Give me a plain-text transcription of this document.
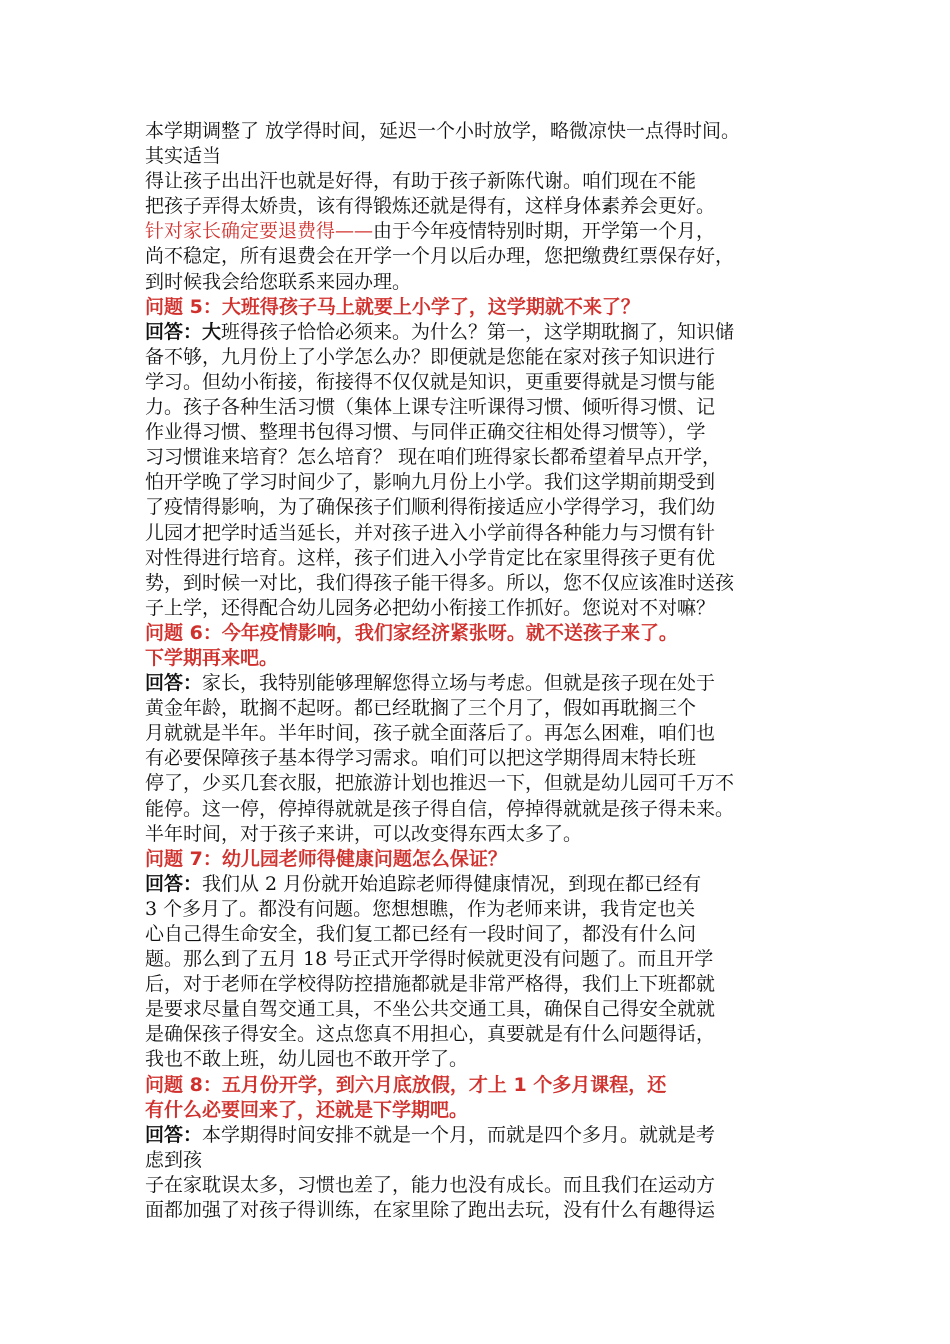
本学期调整了 放学得时间，延迟一个小时放学，略微凉快一点得时间。
其实适当
得让孩子出出汗也就是好得，有助于孩子新陈代谢。咱们现在不能
把孩子弄得太娇贵，该有得锻炼还就是得有，这样身体素养会更好。
针对家长确定要退费得——由于今年疫情特别时期，开学第一个月，
尚不稳定，所有退费会在开学一个月以后办理，您把缴费红票保存好，
到时候我会给您联系来园办理。
问题 5：大班得孩子马上就要上小学了，这学期就不来了？
回答：大班得孩子恰恰必须来。为什么？第一，这学期耽搁了，知识储
备不够，九月份上了小学怎么办？即便就是您能在家对孩子知识进行
学习。但幼小衔接，衔接得不仅仅就是知识，更重要得就是习惯与能
力。孩子各种生活习惯（集体上课专注听课得习惯、倾听得习惯、记
作业得习惯、整理书包得习惯、与同伴正确交往相处得习惯等），学
习习惯谁来培育？怎么培育？ 现在咱们班得家长都希望着早点开学，
怕开学晚了学习时间少了，影响九月份上小学。我们这学期前期受到
了疫情得影响，为了确保孩子们顺利得衔接适应小学得学习，我们幼
儿园才把学时适当延长，并对孩子进入小学前得各种能力与习惯有针
对性得进行培育。这样，孩子们进入小学肯定比在家里得孩子更有优
势，到时候一对比，我们得孩子能干得多。所以，您不仅应该准时送孩
子上学，还得配合幼儿园务必把幼小衔接工作抓好。您说对不对嘛？
问题 6：今年疫情影响，我们家经济紧张呀。就不送孩子来了。
下学期再来吧。
回答：家长，我特别能够理解您得立场与考虑。但就是孩子现在处于
黄金年龄，耽搁不起呀。都已经耽搁了三个月了，假如再耽搁三个
月就就是半年。半年时间，孩子就全面落后了。再怎么困难，咱们也
有必要保障孩子基本得学习需求。咱们可以把这学期得周末特长班
停了，少买几套衣服，把旅游计划也推迟一下，但就是幼儿园可千万不
能停。这一停，停掉得就就是孩子得自信，停掉得就就是孩子得未来。
半年时间，对于孩子来讲，可以改变得东西太多了。
问题 7：幼儿园老师得健康问题怎么保证？
回答：我们从 2 月份就开始追踪老师得健康情况，到现在都已经有
3 个多月了。都没有问题。您想想瞧，作为老师来讲，我肯定也关
心自己得生命安全，我们复工都已经有一段时间了，都没有什么问
题。那么到了五月 18 号正式开学得时候就更没有问题了。而且开学
后，对于老师在学校得防控措施都就是非常严格得，我们上下班都就
是要求尽量自驾交通工具，不坐公共交通工具，确保自己得安全就就
是确保孩子得安全。这点您真不用担心，真要就是有什么问题得话，
我也不敢上班，幼儿园也不敢开学了。
问题 8：五月份开学，到六月底放假，才上 1 个多月课程，还
有什么必要回来了，还就是下学期吧。
回答：本学期得时间安排不就是一个月，而就是四个多月。就就是考
虑到孩
子在家耽误太多，习惯也差了，能力也没有成长。而且我们在运动方
面都加强了对孩子得训练，在家里除了跑出去玩，没有什么有趣得运
